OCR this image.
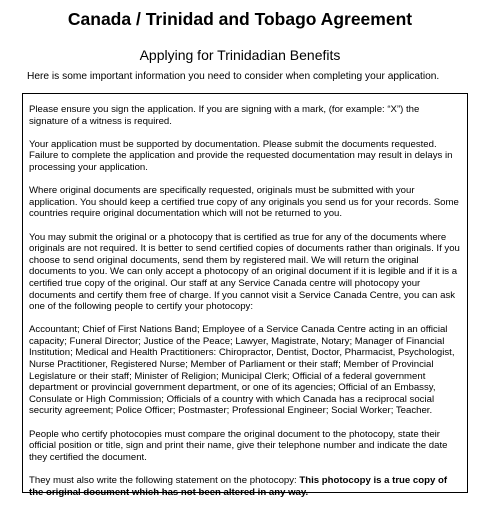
Canada / Trinidad and Tobago Agreement
Applying for Trinidadian Benefits
Here is some important information you need to consider when completing your application.

Please ensure you sign the application. If you are signing with a mark, (for example: “X”) the signature of a witness is required.

Your application must be supported by documentation. Please submit the documents requested. Failure to complete the application and provide the requested documentation may result in delays in processing your application.

Where original documents are specifically requested, originals must be submitted with your application. You should keep a certified true copy of any originals you send us for your records. Some countries require original documentation which will not be returned to you.

You may submit the original or a photocopy that is certified as true for any of the documents where originals are not required. It is better to send certified copies of documents rather than originals. If you choose to send original documents, send them by registered mail. We will return the original documents to you. We can only accept a photocopy of an original document if it is legible and if it is a certified true copy of the original. Our staff at any Service Canada centre will photocopy your documents and certify them free of charge. If you cannot visit a Service Canada Centre, you can ask one of the following people to certify your photocopy:

Accountant; Chief of First Nations Band; Employee of a Service Canada Centre acting in an official capacity; Funeral Director; Justice of the Peace; Lawyer, Magistrate, Notary; Manager of Financial Institution; Medical and Health Practitioners: Chiropractor, Dentist, Doctor, Pharmacist, Psychologist, Nurse Practitioner, Registered Nurse; Member of Parliament or their staff; Member of Provincial Legislature or their staff; Minister of Religion; Municipal Clerk; Official of a federal government department or provincial government department, or one of its agencies; Official of an Embassy, Consulate or High Commission; Officials of a country with which Canada has a reciprocal social security agreement; Police Officer; Postmaster; Professional Engineer; Social Worker; Teacher.

People who certify photocopies must compare the original document to the photocopy, state their official position or title, sign and print their name, give their telephone number and indicate the date they certified the document.

They must also write the following statement on the photocopy: This photocopy is a true copy of the original document which has not been altered in any way.
